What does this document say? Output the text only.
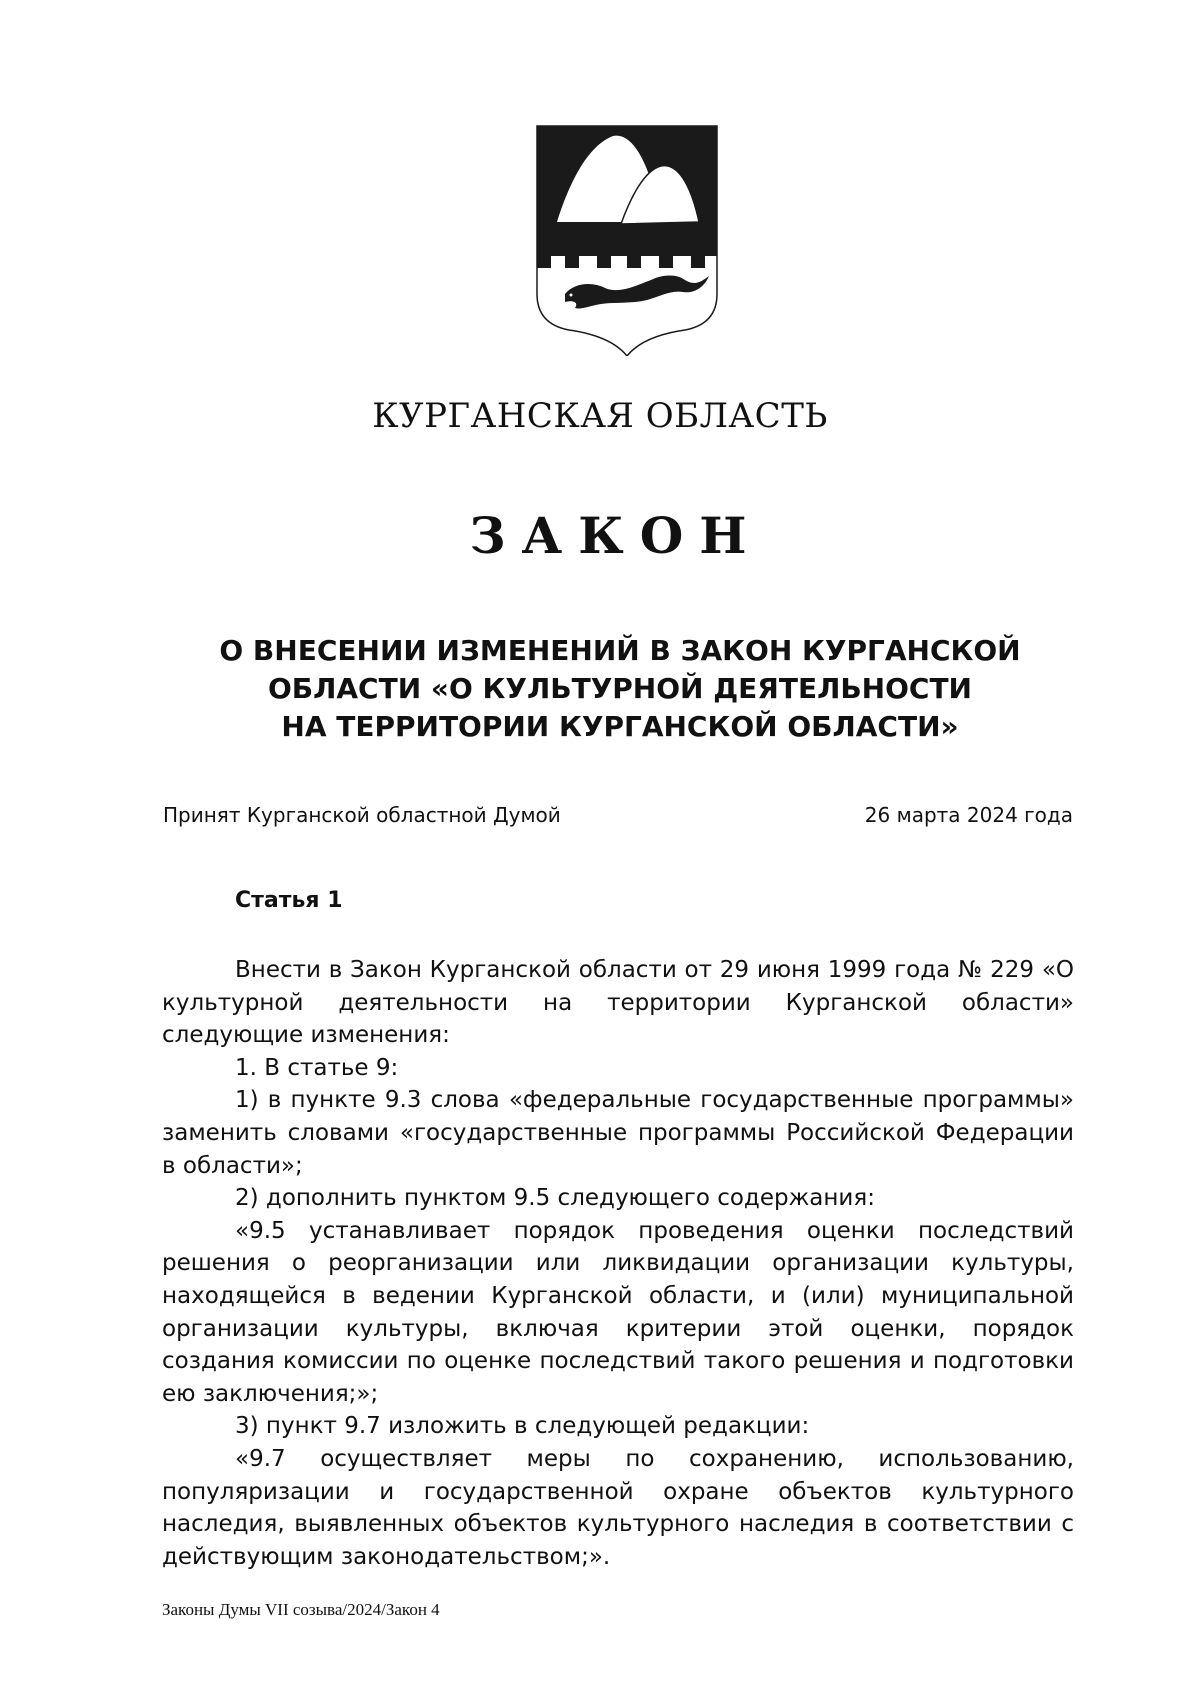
КУРГАНСКАЯ ОБЛАСТЬ
ЗАКОН
О ВНЕСЕНИИ ИЗМЕНЕНИЙ В ЗАКОН КУРГАНСКОЙ
ОБЛАСТИ «О КУЛЬТУРНОЙ ДЕЯТЕЛЬНОСТИ
НА ТЕРРИТОРИИ КУРГАНСКОЙ ОБЛАСТИ»
Принят Курганской областной Думой	26 марта 2024 года
Статья 1

Внести в Закон Курганской области от 29 июня 1999 года № 229 «О культурной деятельности на территории Курганской области» следующие изменения:

1. В статье 9:

1) в пункте 9.3 слова «федеральные государственные программы» заменить словами «государственные программы Российской Федерации в области»;

2) дополнить пунктом 9.5 следующего содержания:

«9.5 устанавливает порядок проведения оценки последствий решения о реорганизации или ликвидации организации культуры, находящейся в ведении Курганской области, и (или) муниципальной организации культуры, включая критерии этой оценки, порядок создания комиссии по оценке последствий такого решения и подготовки ею заключения;»;

3) пункт 9.7 изложить в следующей редакции:

«9.7 осуществляет меры по сохранению, использованию, популяризации и государственной охране объектов культурного наследия, выявленных объектов культурного наследия в соответствии с действующим законодательством;».

Законы Думы VII созыва/2024/Закон 4
